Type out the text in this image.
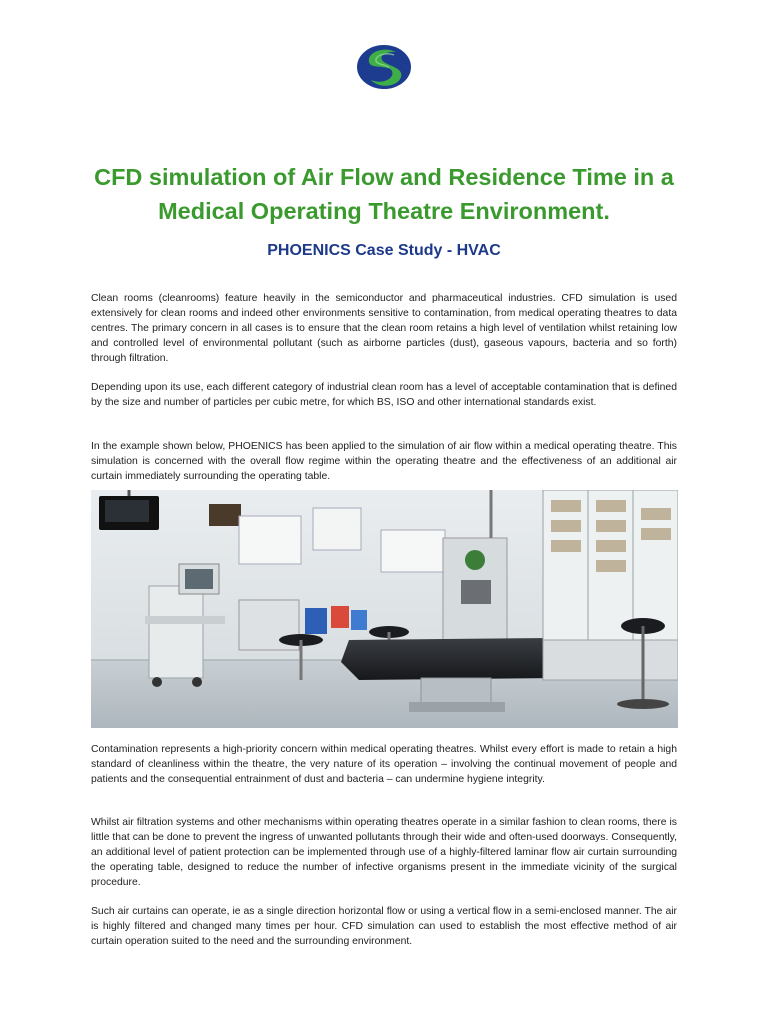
CFD simulation of Air Flow and Residence Time in a Medical Operating Theatre Environment.
PHOENICS Case Study - HVAC

Clean rooms (cleanrooms) feature heavily in the semiconductor and pharmaceutical industries. CFD simulation is used extensively for clean rooms and indeed other environments sensitive to contamination, from medical operating theatres to data centres. The primary concern in all cases is to ensure that the clean room retains a high level of ventilation whilst retaining low and controlled level of environmental pollutant (such as airborne particles (dust), gaseous vapours, bacteria and so forth) through filtration.

Depending upon its use, each different category of industrial clean room has a level of acceptable contamination that is defined by the size and number of particles per cubic metre, for which BS, ISO and other international standards exist.

In the example shown below, PHOENICS has been applied to the simulation of air flow within a medical operating theatre. This simulation is concerned with the overall flow regime within the operating theatre and the effectiveness of an additional air curtain immediately surrounding the operating table.

Contamination represents a high-priority concern within medical operating theatres. Whilst every effort is made to retain a high standard of cleanliness within the theatre, the very nature of its operation – involving the continual movement of people and patients and the consequential entrainment of dust and bacteria – can undermine hygiene integrity.

Whilst air filtration systems and other mechanisms within operating theatres operate in a similar fashion to clean rooms, there is little that can be done to prevent the ingress of unwanted pollutants through their wide and often-used doorways. Consequently, an additional level of patient protection can be implemented through use of a highly-filtered laminar flow air curtain surrounding the operating table, designed to reduce the number of infective organisms present in the immediate vicinity of the surgical procedure.

Such air curtains can operate, ie as a single direction horizontal flow or using a vertical flow in a semi-enclosed manner. The air is highly filtered and changed many times per hour. CFD simulation can used to establish the most effective method of air curtain operation suited to the need and the surrounding environment.
